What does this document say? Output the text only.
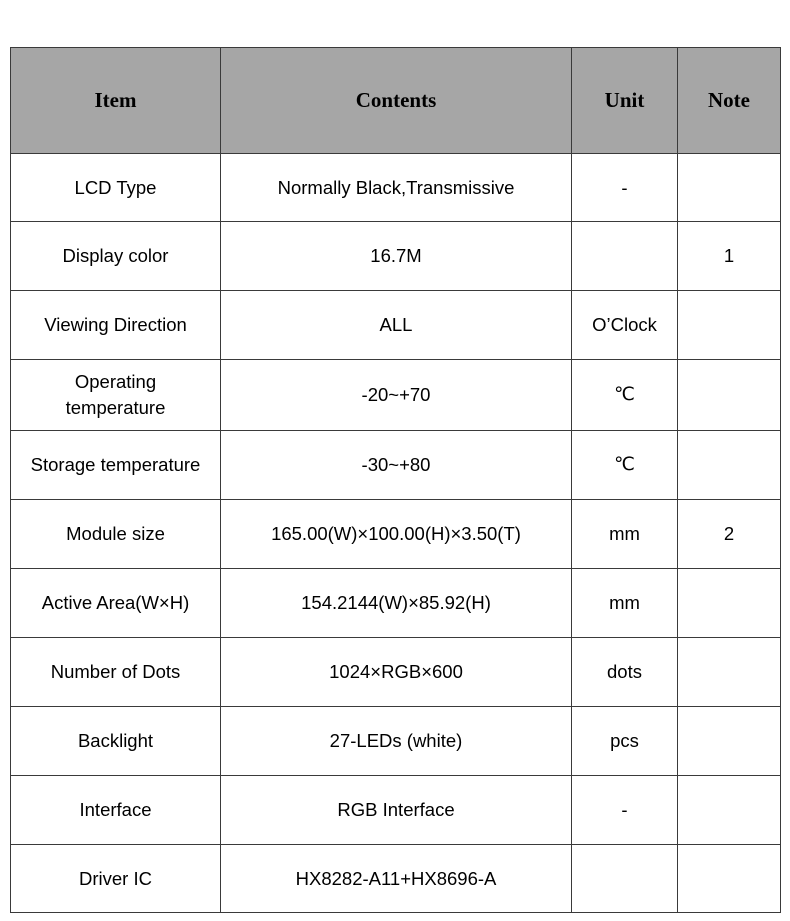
Item	Contents	Unit	Note
LCD Type	Normally Black,Transmissive	-	
Display color	16.7M		1
Viewing Direction	ALL	O’Clock	
Operating temperature	-20~+70	℃	
Storage temperature	-30~+80	℃	
Module size	165.00(W)×100.00(H)×3.50(T)	mm	2
Active Area(W×H)	154.2144(W)×85.92(H)	mm	
Number of Dots	1024×RGB×600	dots	
Backlight	27-LEDs (white)	pcs	
Interface	RGB Interface	-	
Driver IC	HX8282-A11+HX8696-A		
